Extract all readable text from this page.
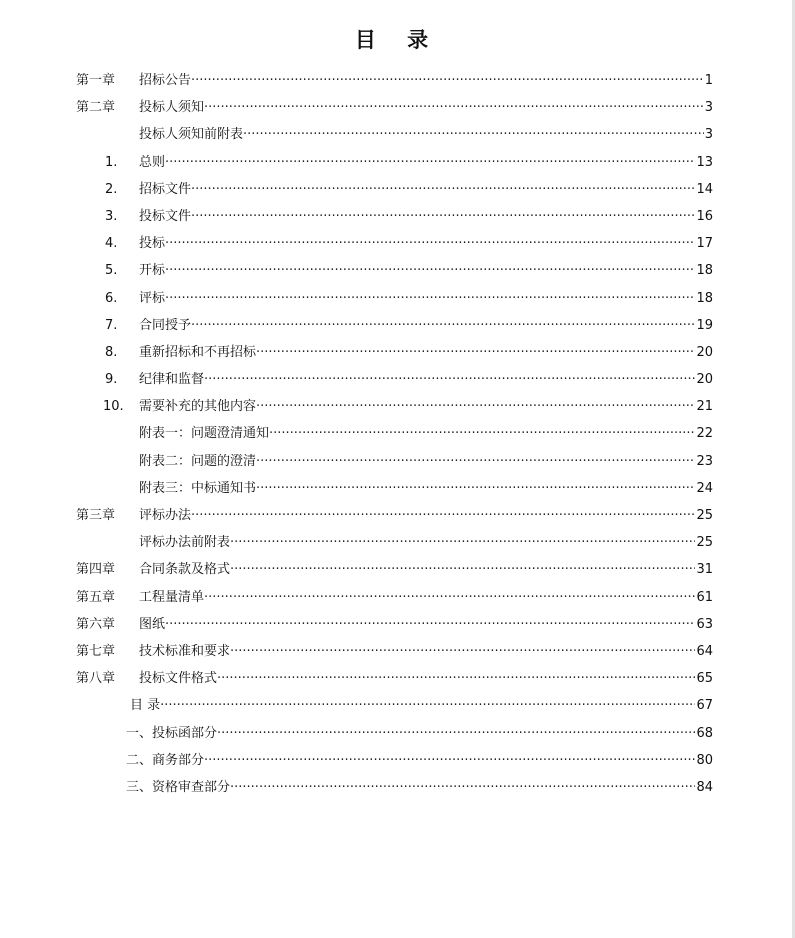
目 录
第一章 招标公告 ·····	1
第二章 投标人须知 ·····	3
投标人须知前附表 ·····	3
1. 总则 ·····	13
2. 招标文件 ·····	14
3. 投标文件 ·····	16
4. 投标 ·····	17
5. 开标 ·····	18
6. 评标 ·····	18
7. 合同授予 ·····	19
8. 重新招标和不再招标 ·····	20
9. 纪律和监督 ·····	20
10. 需要补充的其他内容 ·····	21
附表一：问题澄清通知 ·····	22
附表二：问题的澄清 ·····	23
附表三：中标通知书 ·····	24
第三章 评标办法 ·····	25
评标办法前附表 ·····	25
第四章 合同条款及格式 ·····	31
第五章 工程量清单 ·····	61
第六章 图纸 ·····	63
第七章 技术标准和要求 ·····	64
第八章 投标文件格式 ·····	65
目 录 ·····	67
一、投标函部分 ·····	68
二、商务部分 ·····	80
三、资格审查部分 ·····	84
